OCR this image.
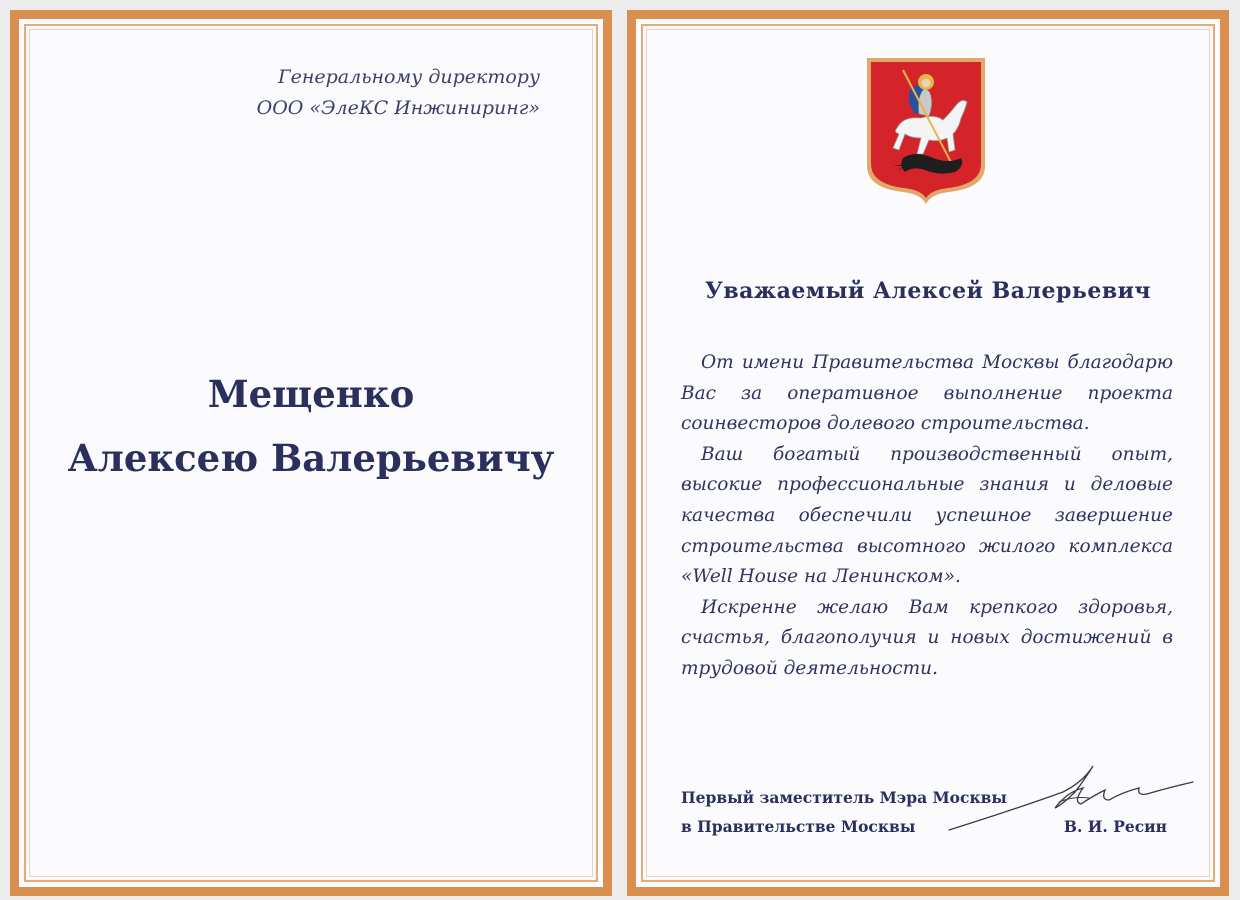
Генеральному директору
ООО «ЭлеКС Инжиниринг»
Мещенко
Алексею Валерьевичу
Уважаемый Алексей Валерьевич

От имени Правительства Москвы благодарю Вас за оперативное выполнение проекта соинвесторов долевого строительства.

Ваш богатый производственный опыт, высокие профессиональные знания и деловые качества обеспечили успешное завершение строительства высотного жилого комплекса «Well House на Ленинском».

Искренне желаю Вам крепкого здоровья, счастья, благополучия и новых достижений в трудовой деятельности.

Первый заместитель Мэра Москвы
в Правительстве Москвы	В. И. Ресин
